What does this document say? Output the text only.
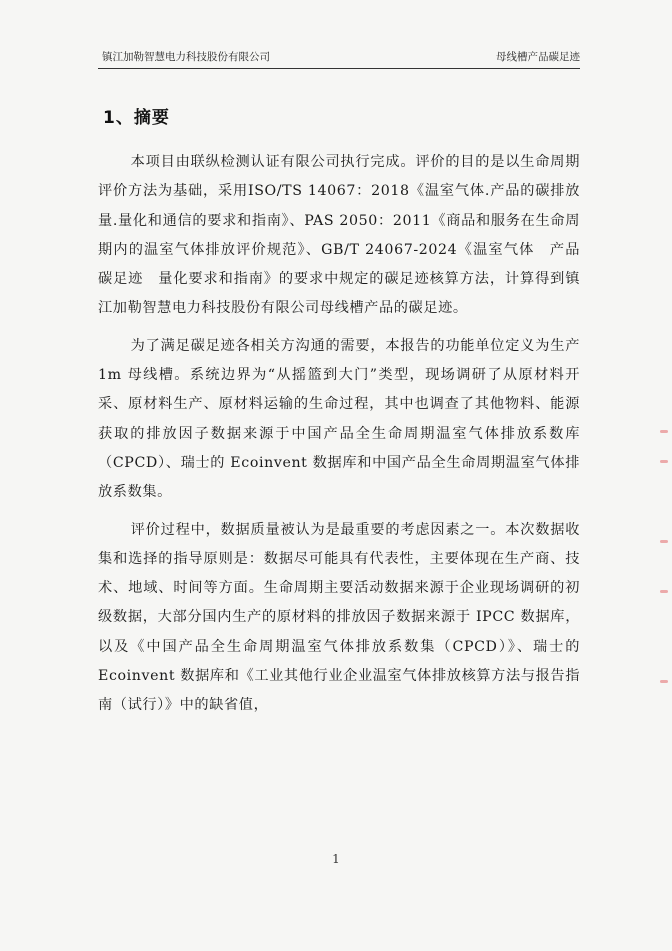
镇江加勒智慧电力科技股份有限公司	母线槽产品碳足迹
1、摘要

本项目由联纵检测认证有限公司执行完成。评价的目的是以生命周期评价方法为基础，采用ISO/TS 14067：2018《温室气体.产品的碳排放量.量化和通信的要求和指南》、PAS 2050：2011《商品和服务在生命周期内的温室气体排放评价规范》、GB/T 24067-2024《温室气体　产品碳足迹　量化要求和指南》的要求中规定的碳足迹核算方法，计算得到镇江加勒智慧电力科技股份有限公司母线槽产品的碳足迹。

为了满足碳足迹各相关方沟通的需要，本报告的功能单位定义为生产 1m 母线槽。系统边界为“从摇篮到大门”类型，现场调研了从原材料开采、原材料生产、原材料运输的生命过程，其中也调查了其他物料、能源获取的排放因子数据来源于中国产品全生命周期温室气体排放系数库（CPCD）、瑞士的 Ecoinvent 数据库和中国产品全生命周期温室气体排放系数集。

评价过程中，数据质量被认为是最重要的考虑因素之一。本次数据收集和选择的指导原则是：数据尽可能具有代表性，主要体现在生产商、技术、地域、时间等方面。生命周期主要活动数据来源于企业现场调研的初级数据，大部分国内生产的原材料的排放因子数据来源于 IPCC 数据库，以及《中国产品全生命周期温室气体排放系数集（CPCD）》、瑞士的 Ecoinvent 数据库和《工业其他行业企业温室气体排放核算方法与报告指南（试行）》中的缺省值，

1
